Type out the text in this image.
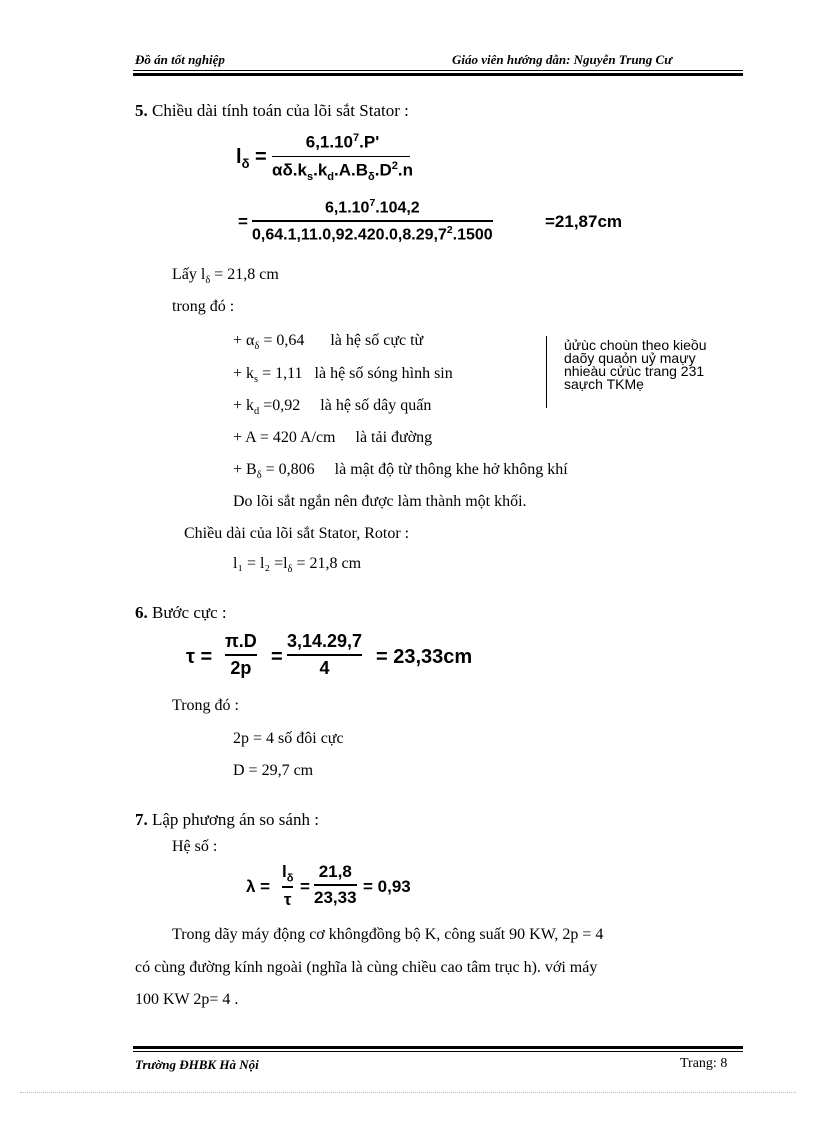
Đồ án tốt nghiệp	Giáo viên hướng dẫn: Nguyễn Trung Cư
5. Chiều dài tính toán của lõi sắt Stator :
$l_\delta$ =
$6,1.10^7.P'$
$\alpha\delta.k_s.k_d.A.B_\delta.D^2.n$
=
$6,1.10^7.104,2$
$0,64.1,11.0,92.420.0,8.29,7^2.1500$
=21,87cm
Lấy $l_\delta = 21,8$ cm
trong đó :
+ $\alpha_\delta = 0,64$ là hệ số cực từ
+ $k_s = 1,11$ là hệ số sóng hình sin
+ $k_d =0,92$ là hệ số dây quấn
+ A = 420 A/cm là tải đường
+ $B_\delta = 0,806$ là mật độ từ thông khe hở không khí
ủửùc choùn theo kieồu
daõy quaỏn uỷ maựy
nhieàu cửùc trang 231
saựch TKMẹ
Do lõi sắt ngắn nên được làm thành một khối.
Chiều dài của lõi sắt Stator, Rotor :
$l_1 = l_2 =l_\delta = 21,8$ cm
6. Bước cực :
τ =
π.D
2p =
3,14.29,7
4 = 23,33cm
Trong đó :
2p = 4 số đôi cực
D = 29,7 cm
7. Lập phương án so sánh :
Hệ số :
λ =
$l_\delta$
τ
=
21,8
23,33
= 0,93
Trong dãy máy động cơ khôngđồng bộ K, công suất 90 KW, 2p = 4
có cùng đường kính ngoài (nghĩa là cùng chiều cao tâm trục h). với máy
100 KW 2p= 4 .
Trường ĐHBK Hà Nội	Trang: 8
